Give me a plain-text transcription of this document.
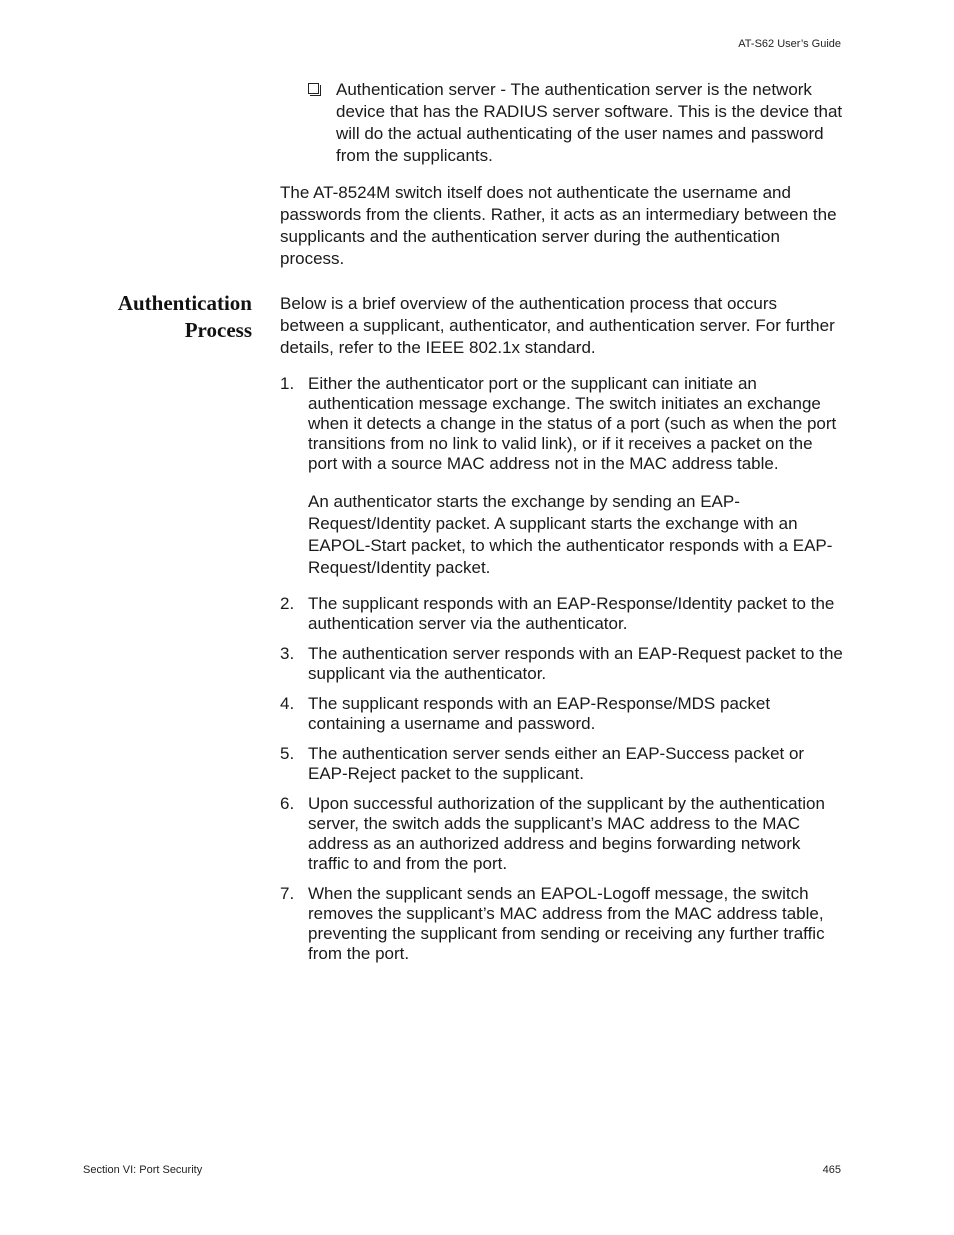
AT-S62 User’s Guide
Authentication server - The authentication server is the network device that has the RADIUS server software. This is the device that will do the actual authenticating of the user names and password from the supplicants.
The AT-8524M switch itself does not authenticate the username and passwords from the clients. Rather, it acts as an intermediary between the supplicants and the authentication server during the authentication process.
Authentication
Process
Below is a brief overview of the authentication process that occurs between a supplicant, authenticator, and authentication server. For further details, refer to the IEEE 802.1x standard.
1. Either the authenticator port or the supplicant can initiate an authentication message exchange. The switch initiates an exchange when it detects a change in the status of a port (such as when the port transitions from no link to valid link), or if it receives a packet on the port with a source MAC address not in the MAC address table.
2. The supplicant responds with an EAP-Response/Identity packet to the authentication server via the authenticator.
3. The authentication server responds with an EAP-Request packet to the supplicant via the authenticator.
4. The supplicant responds with an EAP-Response/MDS packet containing a username and password.
5. The authentication server sends either an EAP-Success packet or EAP-Reject packet to the supplicant.
6. Upon successful authorization of the supplicant by the authentication server, the switch adds the supplicant’s MAC address to the MAC address as an authorized address and begins forwarding network traffic to and from the port.
7. When the supplicant sends an EAPOL-Logoff message, the switch removes the supplicant’s MAC address from the MAC address table, preventing the supplicant from sending or receiving any further traffic from the port.
An authenticator starts the exchange by sending an EAP-Request/Identity packet. A supplicant starts the exchange with an EAPOL-Start packet, to which the authenticator responds with a EAP-Request/Identity packet.
Section VI: Port Security	465
